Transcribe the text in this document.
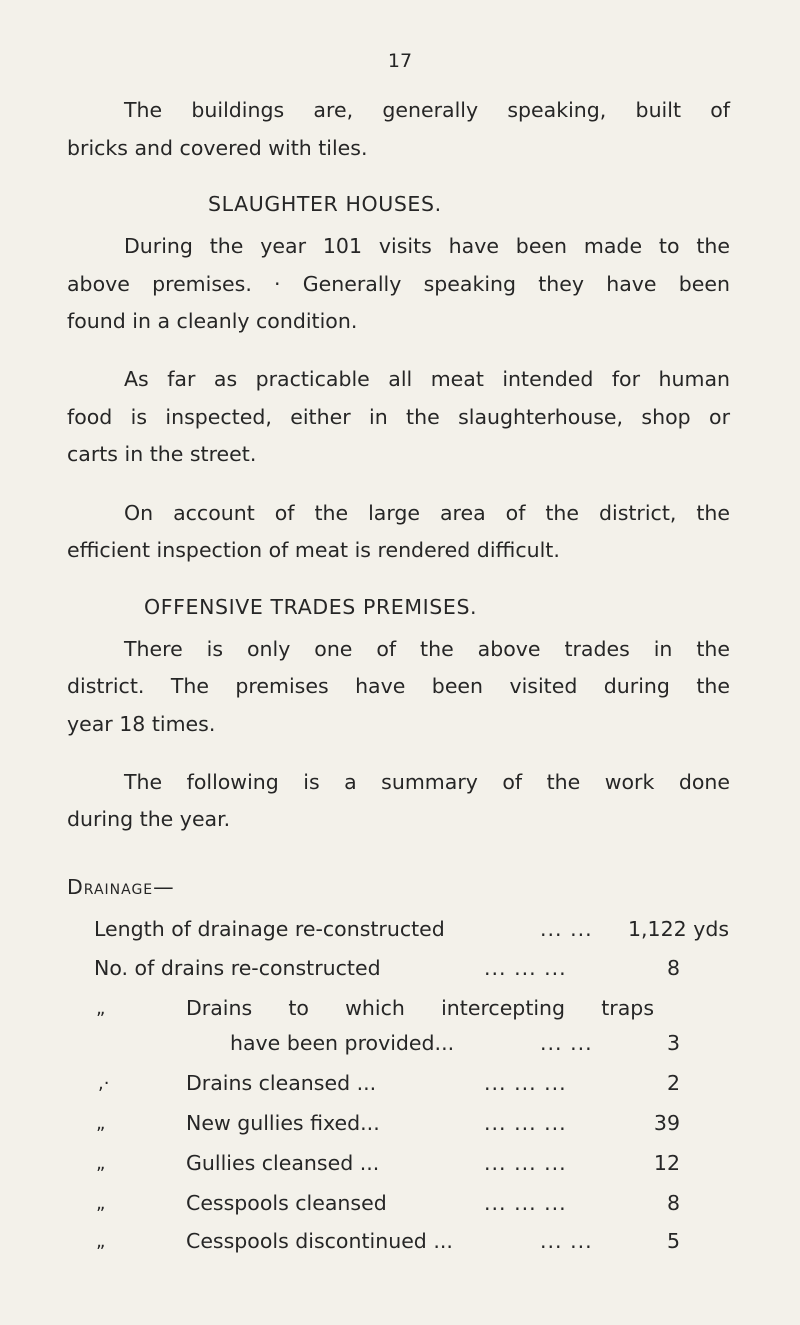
17
The buildings are, generally speaking, built of
bricks and covered with tiles.
SLAUGHTER HOUSES.
During the year 101 visits have been made to the
above premises. · Generally speaking they have been
found in a cleanly condition.
As far as practicable all meat intended for human
food is inspected, either in the slaughterhouse, shop or
carts in the street.
On account of the large area of the district, the
efficient inspection of meat is rendered difficult.
OFFENSIVE TRADES PREMISES.
There is only one of the above trades in the
district. The premises have been visited during the
year 18 times.
The following is a summary of the work done
during the year.
Drainage—
Length of drainage re-constructed	... ... 1,122 yds
No. of drains re-constructed	... ... ...	8
„	Drains to which intercepting traps
have been provided...	... ...	3
,·	Drains cleansed ...	... ... ...	2
„	New gullies fixed...	... ... ...	39
„	Gullies cleansed ...	... ... ...	12
„	Cesspools cleansed	... ... ...	8
„	Cesspools discontinued ...	... ...	5
